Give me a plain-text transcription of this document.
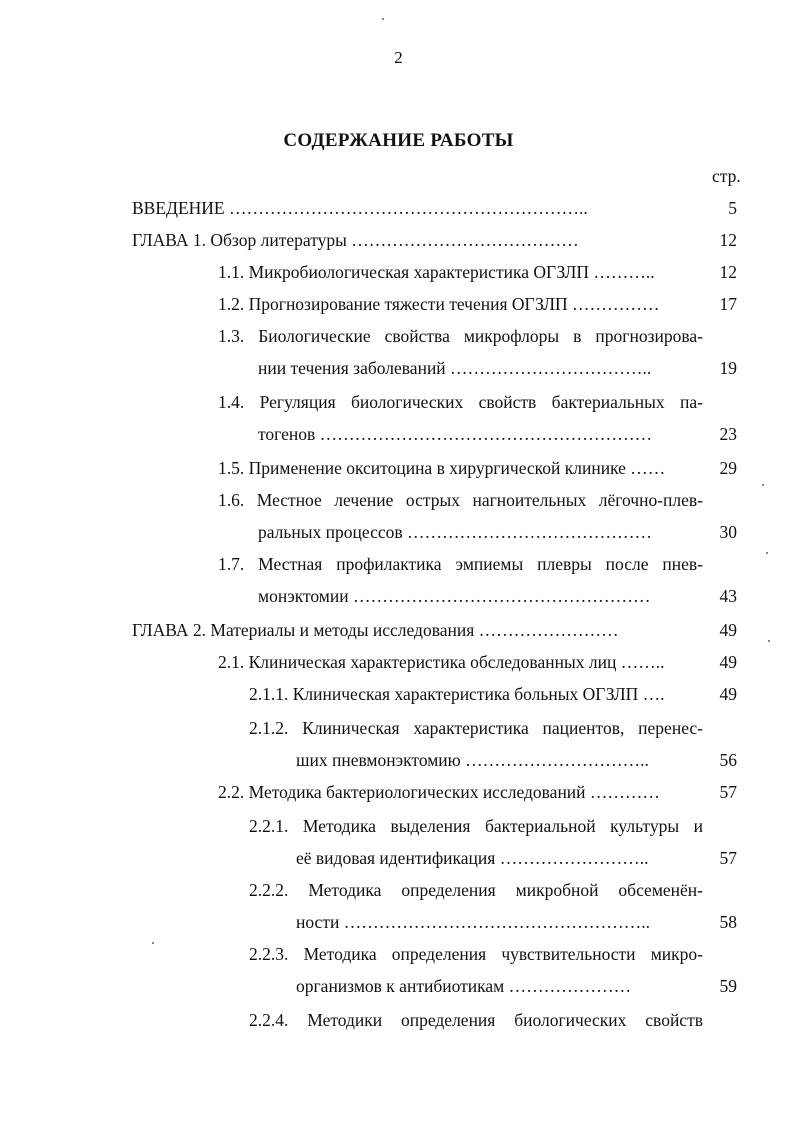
2
СОДЕРЖАНИЕ РАБОТЫ
стр.
ВВЕДЕНИЕ ……………………………………………………..	5
ГЛАВА 1. Обзор литературы …………………………………	12
1.1. Микробиологическая характеристика ОГЗЛП ………..	12
1.2. Прогнозирование тяжести течения ОГЗЛП ……………	17
1.3. Биологические свойства микрофлоры в прогнозирова-
нии течения заболеваний ……………………………..	19
1.4. Регуляция биологических свойств бактериальных па-
тогенов …………………………………………………	23
1.5. Применение окситоцина в хирургической клинике ……	29
1.6. Местное лечение острых нагноительных лёгочно-плев-
ральных процессов ……………………………………	30
1.7. Местная профилактика эмпиемы плевры после пнев-
монэктомии ……………………………………………	43
ГЛАВА 2. Материалы и методы исследования ……………………	49
2.1. Клиническая характеристика обследованных лиц ……..	49
2.1.1. Клиническая характеристика больных ОГЗЛП ….	49
2.1.2. Клиническая характеристика пациентов, перенес-
ших пневмонэктомию …………………………..	56
2.2. Методика бактериологических исследований …………	57
2.2.1. Методика выделения бактериальной культуры и
её видовая идентификация ……………………..	57
2.2.2. Методика определения микробной обсеменён-
ности ……………………………………………..	58
2.2.3. Методика определения чувствительности микро-
организмов к антибиотикам …………………	59
2.2.4. Методики определения биологических свойств
